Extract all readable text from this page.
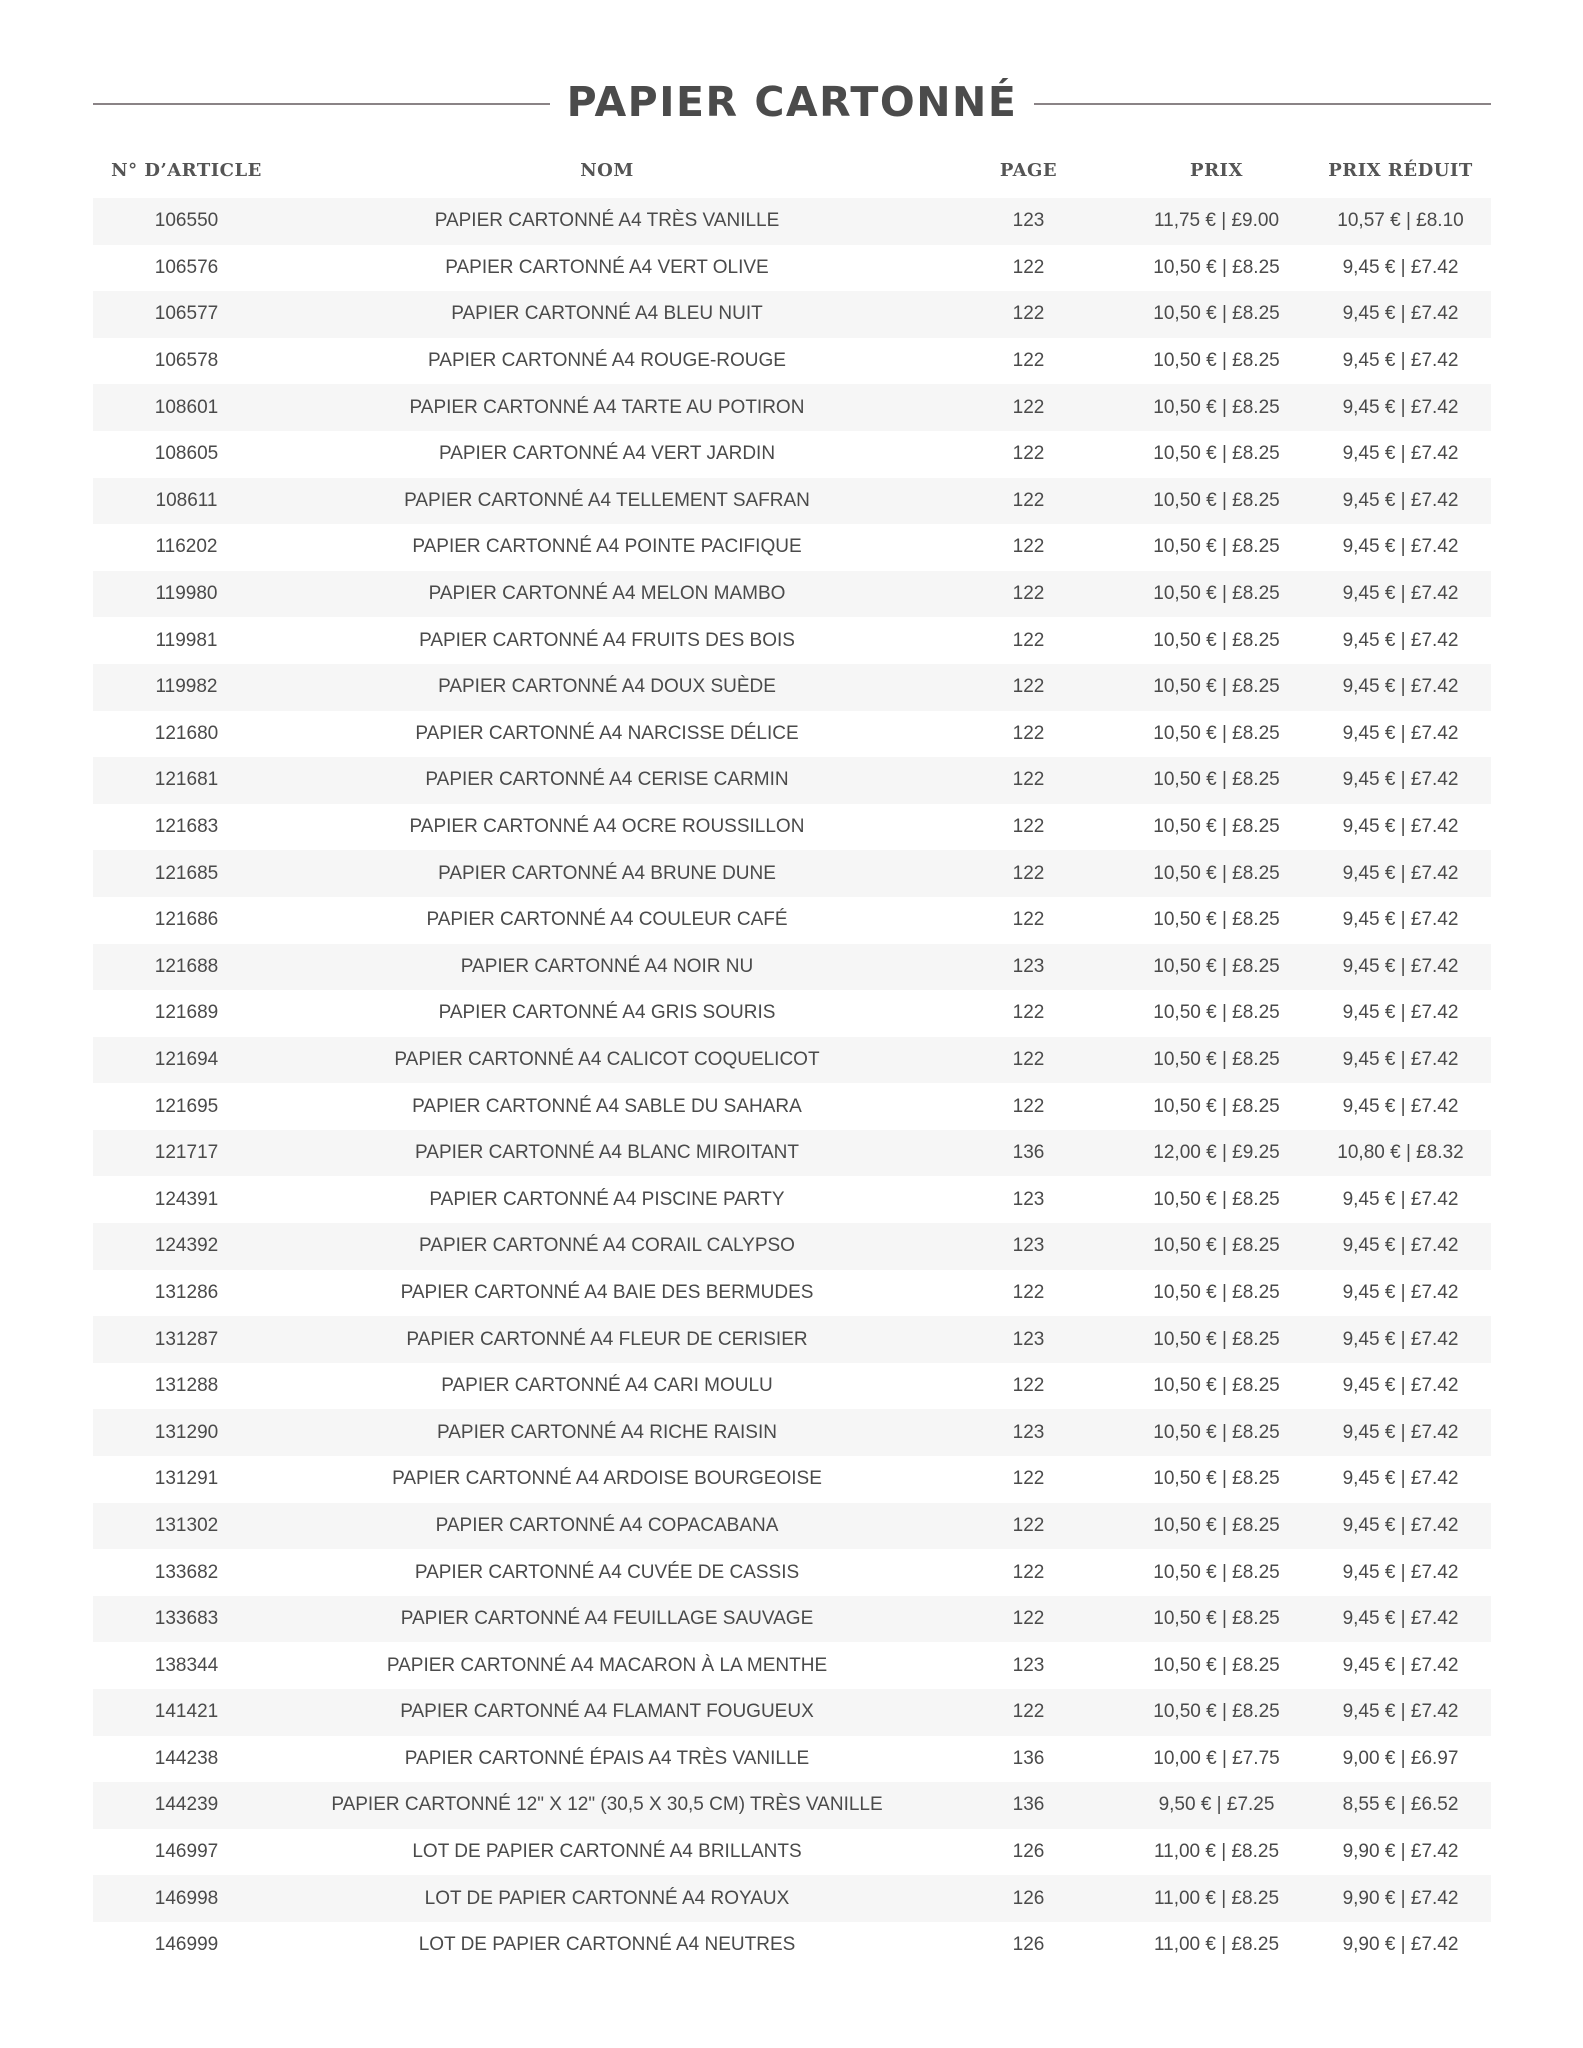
PAPIER CARTONNÉ
N° D’ARTICLE	NOM	PAGE	PRIX	PRIX RÉDUIT
106550	PAPIER CARTONNÉ A4 TRÈS VANILLE	123	11,75 € | £9.00	10,57 € | £8.10
106576	PAPIER CARTONNÉ A4 VERT OLIVE	122	10,50 € | £8.25	9,45 € | £7.42
106577	PAPIER CARTONNÉ A4 BLEU NUIT	122	10,50 € | £8.25	9,45 € | £7.42
106578	PAPIER CARTONNÉ A4 ROUGE-ROUGE	122	10,50 € | £8.25	9,45 € | £7.42
108601	PAPIER CARTONNÉ A4 TARTE AU POTIRON	122	10,50 € | £8.25	9,45 € | £7.42
108605	PAPIER CARTONNÉ A4 VERT JARDIN	122	10,50 € | £8.25	9,45 € | £7.42
108611	PAPIER CARTONNÉ A4 TELLEMENT SAFRAN	122	10,50 € | £8.25	9,45 € | £7.42
116202	PAPIER CARTONNÉ A4 POINTE PACIFIQUE	122	10,50 € | £8.25	9,45 € | £7.42
119980	PAPIER CARTONNÉ A4 MELON MAMBO	122	10,50 € | £8.25	9,45 € | £7.42
119981	PAPIER CARTONNÉ A4 FRUITS DES BOIS	122	10,50 € | £8.25	9,45 € | £7.42
119982	PAPIER CARTONNÉ A4 DOUX SUÈDE	122	10,50 € | £8.25	9,45 € | £7.42
121680	PAPIER CARTONNÉ A4 NARCISSE DÉLICE	122	10,50 € | £8.25	9,45 € | £7.42
121681	PAPIER CARTONNÉ A4 CERISE CARMIN	122	10,50 € | £8.25	9,45 € | £7.42
121683	PAPIER CARTONNÉ A4 OCRE ROUSSILLON	122	10,50 € | £8.25	9,45 € | £7.42
121685	PAPIER CARTONNÉ A4 BRUNE DUNE	122	10,50 € | £8.25	9,45 € | £7.42
121686	PAPIER CARTONNÉ A4 COULEUR CAFÉ	122	10,50 € | £8.25	9,45 € | £7.42
121688	PAPIER CARTONNÉ A4 NOIR NU	123	10,50 € | £8.25	9,45 € | £7.42
121689	PAPIER CARTONNÉ A4 GRIS SOURIS	122	10,50 € | £8.25	9,45 € | £7.42
121694	PAPIER CARTONNÉ A4 CALICOT COQUELICOT	122	10,50 € | £8.25	9,45 € | £7.42
121695	PAPIER CARTONNÉ A4 SABLE DU SAHARA	122	10,50 € | £8.25	9,45 € | £7.42
121717	PAPIER CARTONNÉ A4 BLANC MIROITANT	136	12,00 € | £9.25	10,80 € | £8.32
124391	PAPIER CARTONNÉ A4 PISCINE PARTY	123	10,50 € | £8.25	9,45 € | £7.42
124392	PAPIER CARTONNÉ A4 CORAIL CALYPSO	123	10,50 € | £8.25	9,45 € | £7.42
131286	PAPIER CARTONNÉ A4 BAIE DES BERMUDES	122	10,50 € | £8.25	9,45 € | £7.42
131287	PAPIER CARTONNÉ A4 FLEUR DE CERISIER	123	10,50 € | £8.25	9,45 € | £7.42
131288	PAPIER CARTONNÉ A4 CARI MOULU	122	10,50 € | £8.25	9,45 € | £7.42
131290	PAPIER CARTONNÉ A4 RICHE RAISIN	123	10,50 € | £8.25	9,45 € | £7.42
131291	PAPIER CARTONNÉ A4 ARDOISE BOURGEOISE	122	10,50 € | £8.25	9,45 € | £7.42
131302	PAPIER CARTONNÉ A4 COPACABANA	122	10,50 € | £8.25	9,45 € | £7.42
133682	PAPIER CARTONNÉ A4 CUVÉE DE CASSIS	122	10,50 € | £8.25	9,45 € | £7.42
133683	PAPIER CARTONNÉ A4 FEUILLAGE SAUVAGE	122	10,50 € | £8.25	9,45 € | £7.42
138344	PAPIER CARTONNÉ A4 MACARON À LA MENTHE	123	10,50 € | £8.25	9,45 € | £7.42
141421	PAPIER CARTONNÉ A4 FLAMANT FOUGUEUX	122	10,50 € | £8.25	9,45 € | £7.42
144238	PAPIER CARTONNÉ ÉPAIS A4 TRÈS VANILLE	136	10,00 € | £7.75	9,00 € | £6.97
144239	PAPIER CARTONNÉ 12" X 12" (30,5 X 30,5 CM) TRÈS VANILLE	136	9,50 € | £7.25	8,55 € | £6.52
146997	LOT DE PAPIER CARTONNÉ A4 BRILLANTS	126	11,00 € | £8.25	9,90 € | £7.42
146998	LOT DE PAPIER CARTONNÉ A4 ROYAUX	126	11,00 € | £8.25	9,90 € | £7.42
146999	LOT DE PAPIER CARTONNÉ A4 NEUTRES	126	11,00 € | £8.25	9,90 € | £7.42
